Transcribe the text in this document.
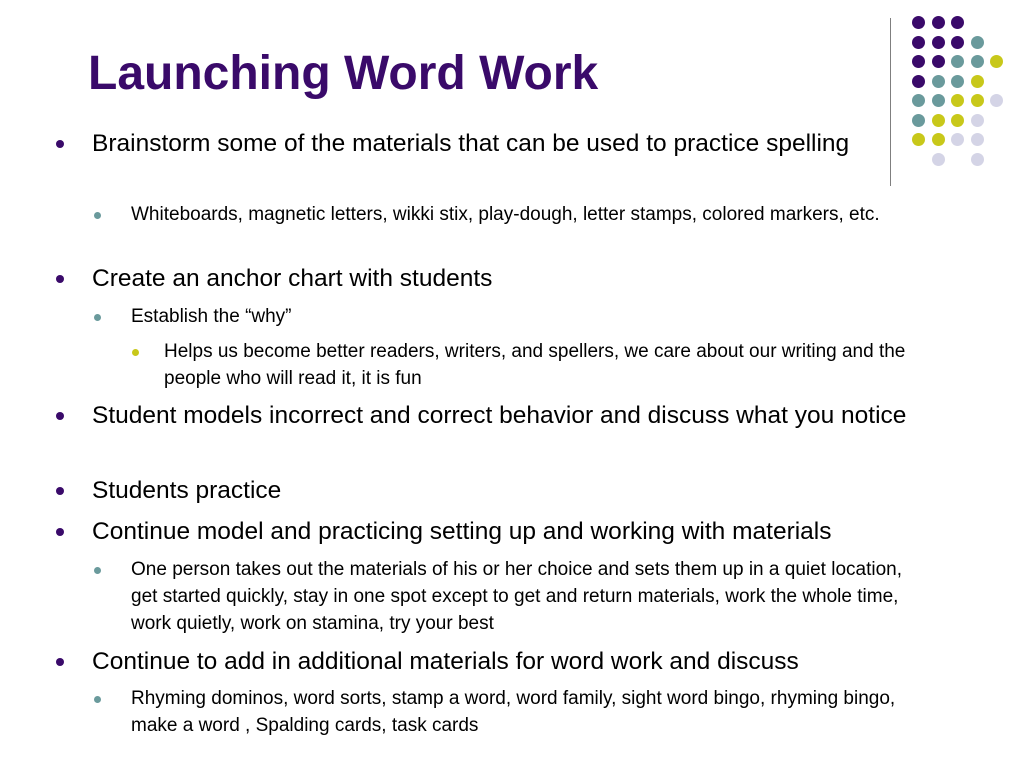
Launching Word Work
Brainstorm some of the materials that can be used to practice spelling
Whiteboards, magnetic letters, wikki stix, play-dough, letter stamps, colored markers, etc.
Create an anchor chart with students
Establish the “why”
Helps us become better readers, writers, and spellers, we care about our writing and the people who will read it, it is fun
Student models incorrect and correct behavior and discuss what you notice
Students practice
Continue model and practicing setting up and working with materials
One person takes out the materials of his or her choice and sets them up in a quiet location, get started quickly, stay in one spot except to get and return materials, work the whole time, work quietly, work on stamina, try your best
Continue to add in additional materials for word work and discuss
Rhyming dominos, word sorts, stamp a word, word family, sight word bingo, rhyming bingo, make a word , Spalding cards, task cards
